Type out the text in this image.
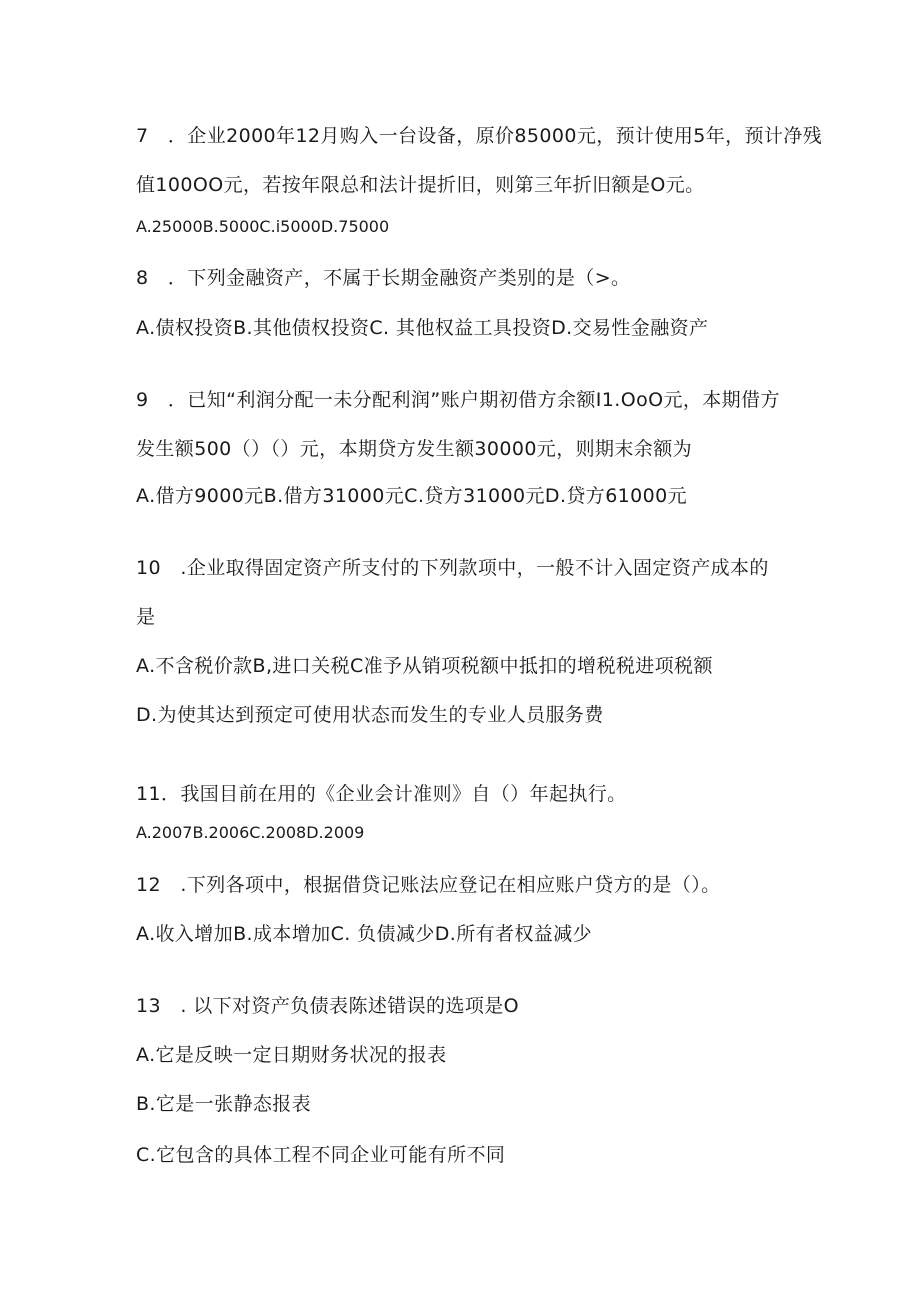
7　．企业2000年12月购入一台设备，原价85000元，预计使用5年，预计净残
值100OO元，若按年限总和法计提折旧，则第三年折旧额是O元。
A.25000B.5000C.i5000D.75000
8　．下列金融资产，不属于长期金融资产类别的是（>。
A.债权投资B.其他债权投资C. 其他权益工具投资D.交易性金融资产
9　．已知“利润分配一未分配利润”账户期初借方余额I1.OoO元，本期借方
发生额500（）（）元，本期贷方发生额30000元，则期末余额为
A.借方9000元B.借方31000元C.贷方31000元D.贷方61000元
10　.企业取得固定资产所支付的下列款项中，一般不计入固定资产成本的
是
A.不含税价款B,进口关税C准予从销项税额中抵扣的增税税进项税额
D.为使其达到预定可使用状态而发生的专业人员服务费
11．我国目前在用的《企业会计准则》自（）年起执行。
A.2007B.2006C.2008D.2009
12　.下列各项中，根据借贷记账法应登记在相应账户贷方的是（）。
A.收入增加B.成本增加C. 负债减少D.所有者权益减少
13　. 以下对资产负债表陈述错误的选项是O
A.它是反映一定日期财务状况的报表
B.它是一张静态报表
C.它包含的具体工程不同企业可能有所不同
